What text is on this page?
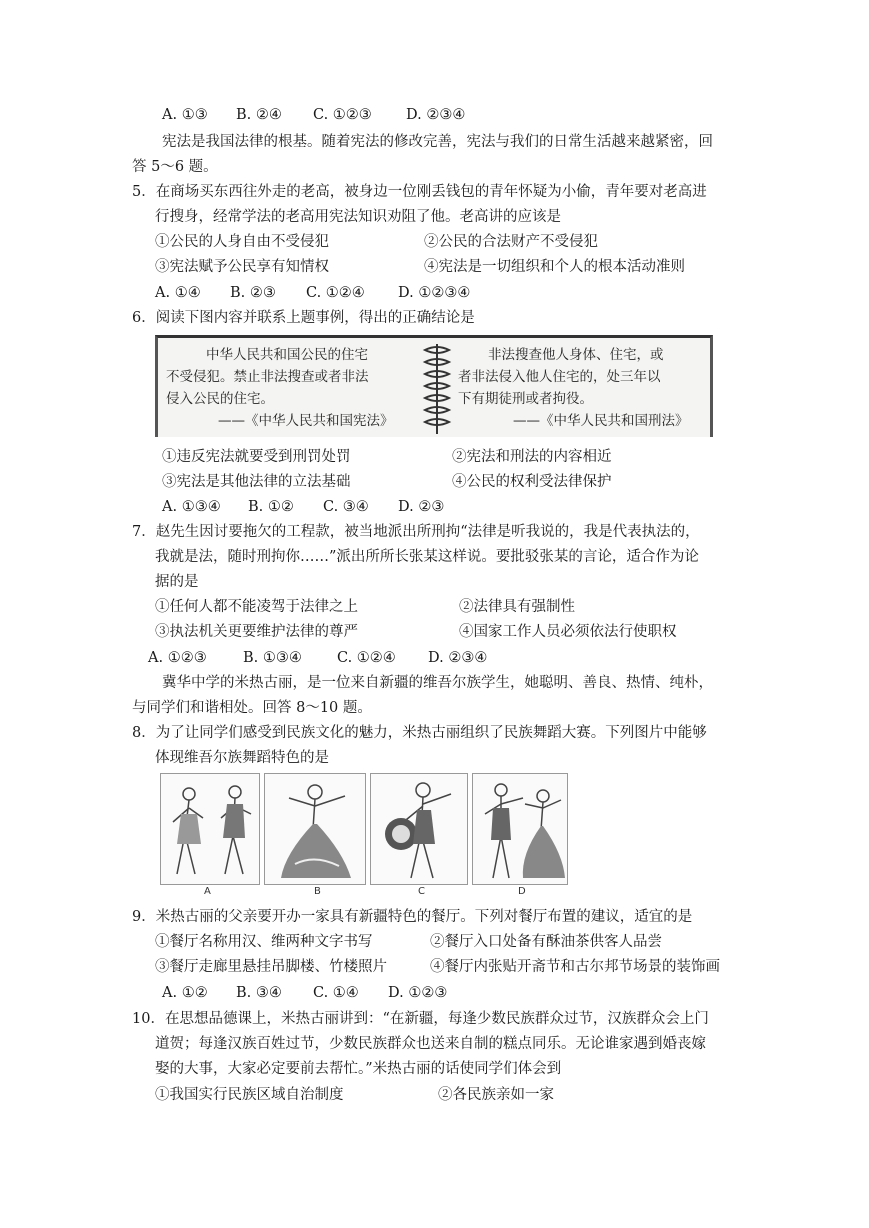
A. ①③ B. ②④ C. ①②③ D. ②③④
宪法是我国法律的根基。随着宪法的修改完善，宪法与我们的日常生活越来越紧密，回
答 5～6 题。
5．在商场买东西往外走的老高，被身边一位刚丢钱包的青年怀疑为小偷，青年要对老高进
行搜身，经常学法的老高用宪法知识劝阻了他。老高讲的应该是
①公民的人身自由不受侵犯	②公民的合法财产不受侵犯
③宪法赋予公民享有知情权	④宪法是一切组织和个人的根本活动准则
A. ①④ B. ②③ C. ①②④ D. ①②③④
6．阅读下图内容并联系上题事例，得出的正确结论是
中华人民共和国公民的住宅
不受侵犯。禁止非法搜查或者非法
侵入公民的住宅。
——《中华人民共和国宪法》
非法搜查他人身体、住宅，或
者非法侵入他人住宅的，处三年以
下有期徒刑或者拘役。
——《中华人民共和国刑法》
①违反宪法就要受到刑罚处罚	②宪法和刑法的内容相近
③宪法是其他法律的立法基础	④公民的权利受法律保护
A. ①③④ B. ①② C. ③④ D. ②③
7．赵先生因讨要拖欠的工程款，被当地派出所刑拘“法律是听我说的，我是代表执法的，
我就是法，随时刑拘你……”派出所所长张某这样说。要批驳张某的言论，适合作为论
据的是
①任何人都不能凌驾于法律之上	②法律具有强制性
③执法机关更要维护法律的尊严	④国家工作人员必须依法行使职权
A. ①②③	B. ①③④ C. ①②④ D. ②③④
冀华中学的米热古丽，是一位来自新疆的维吾尔族学生，她聪明、善良、热情、纯朴，
与同学们和谐相处。回答 8～10 题。
8．为了让同学们感受到民族文化的魅力，米热古丽组织了民族舞蹈大赛。下列图片中能够
体现维吾尔族舞蹈特色的是
A	B	C	D
9．米热古丽的父亲要开办一家具有新疆特色的餐厅。下列对餐厅布置的建议，适宜的是
①餐厅名称用汉、维两种文字书写	②餐厅入口处备有酥油茶供客人品尝
③餐厅走廊里悬挂吊脚楼、竹楼照片	④餐厅内张贴开斋节和古尔邦节场景的装饰画
A. ①② B. ③④ C. ①④ D. ①②③
10．在思想品德课上，米热古丽讲到：“在新疆，每逢少数民族群众过节，汉族群众会上门
道贺；每逢汉族百姓过节，少数民族群众也送来自制的糕点同乐。无论谁家遇到婚丧嫁
娶的大事，大家必定要前去帮忙。”米热古丽的话使同学们体会到
①我国实行民族区域自治制度	②各民族亲如一家
